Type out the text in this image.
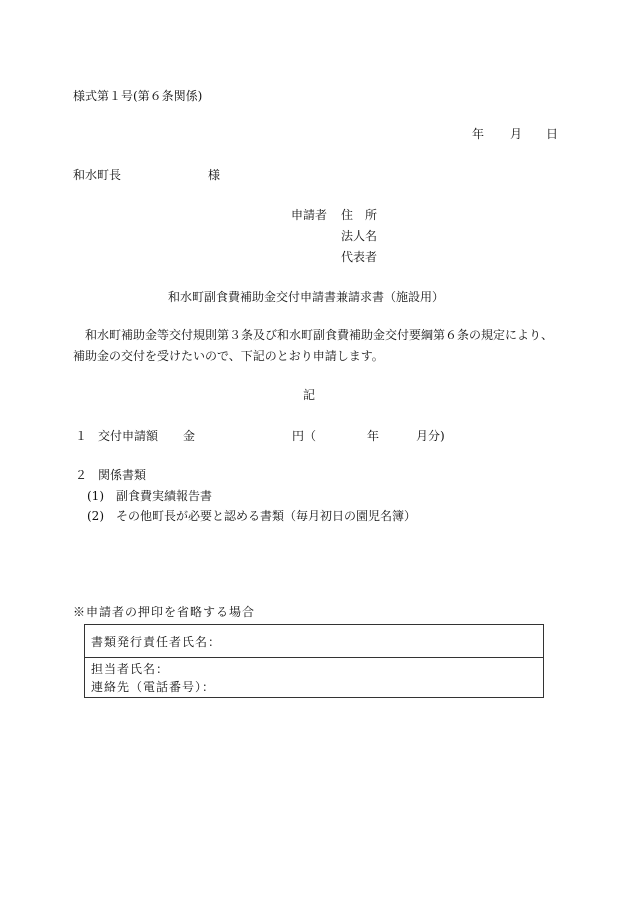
様式第１号(第６条関係)
年 月 日
和水町長	様
申請者 住　所
法人名
代表者
和水町副食費補助金交付申請書兼請求書（施設用）
和水町補助金等交付規則第３条及び和水町副食費補助金交付要綱第６条の規定により、
補助金の交付を受けたいので、下記のとおり申請します。
記
１ 交付申請額 金	円（	年	月分)
２ 関係書類
(1)　副食費実績報告書
(2)　その他町長が必要と認める書類（毎月初日の園児名簿）
※申請者の押印を省略する場合
書類発行責任者氏名：
担当者氏名：
連絡先（電話番号）：
